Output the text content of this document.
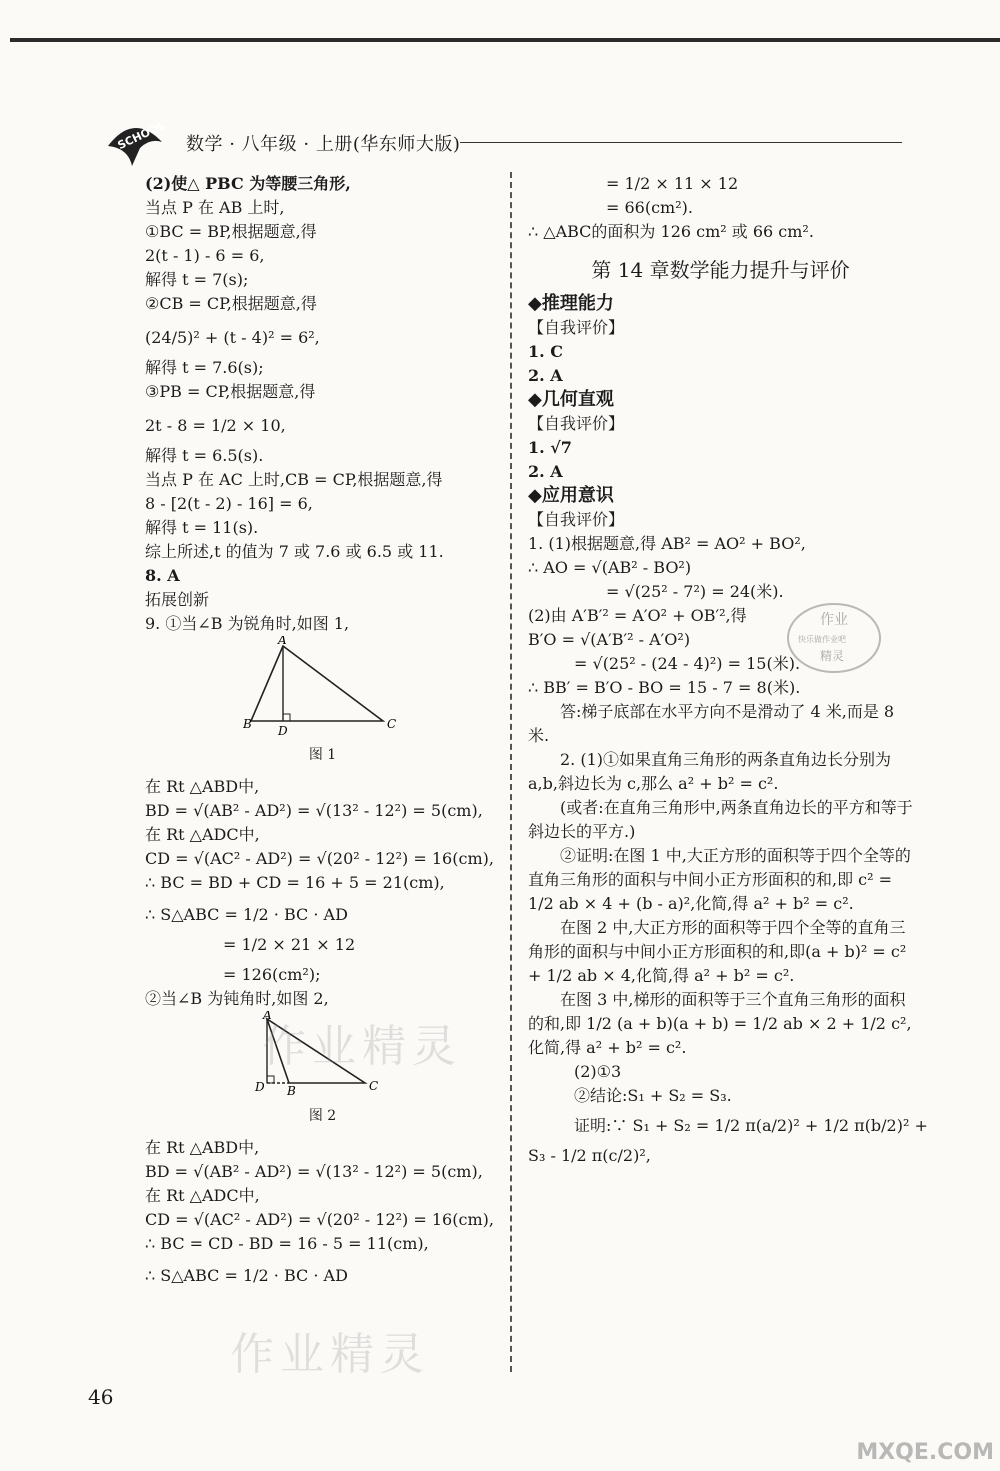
SCHOOL 数学 · 八年级 · 上册(华东师大版)
(2)使△ PBC 为等腰三角形,
当点 P 在 AB 上时,
①BC = BP,根据题意,得
2(t - 1) - 6 = 6,
解得 t = 7(s);
②CB = CP,根据题意,得
(24/5)² + (t - 4)² = 6²,
解得 t = 7.6(s);
③PB = CP,根据题意,得
2t - 8 = 1/2 × 10,
解得 t = 6.5(s).
当点 P 在 AC 上时,CB = CP,根据题意,得
8 - [2(t - 2) - 16] = 6,
解得 t = 11(s).
综上所述,t 的值为 7 或 7.6 或 6.5 或 11.
8. A
拓展创新
9. ①当∠B 为锐角时,如图 1,
A
B	C
D
图 1
在 Rt △ABD中,
BD = √(AB² - AD²) = √(13² - 12²) = 5(cm),
在 Rt △ADC中,
CD = √(AC² - AD²) = √(20² - 12²) = 16(cm),
∴ BC = BD + CD = 16 + 5 = 21(cm),
∴ S△ABC = 1/2 · BC · AD
= 1/2 × 21 × 12
= 126(cm²);
②当∠B 为钝角时,如图 2,
A
D B	C
图 2
在 Rt △ABD中,
BD = √(AB² - AD²) = √(13² - 12²) = 5(cm),
在 Rt △ADC中,
CD = √(AC² - AD²) = √(20² - 12²) = 16(cm),
∴ BC = CD - BD = 16 - 5 = 11(cm),
∴ S△ABC = 1/2 · BC · AD
= 1/2 × 11 × 12
= 66(cm²).
∴ △ABC的面积为 126 cm² 或 66 cm².
第 14 章数学能力提升与评价
◆推理能力
【自我评价】
1. C
2. A
◆几何直观
【自我评价】
1. √7
2. A
◆应用意识
【自我评价】
1. (1)根据题意,得 AB² = AO² + BO²,
∴ AO = √(AB² - BO²)
= √(25² - 7²) = 24(米).
(2)由 A′B′² = A′O² + OB′²,得
B′O = √(A′B′² - A′O²)
= √(25² - (24 - 4)²) = 15(米).
∴ BB′ = B′O - BO = 15 - 7 = 8(米).
答:梯子底部在水平方向不是滑动了 4 米,而是 8 米.
2. (1)①如果直角三角形的两条直角边长分别为 a,b,斜边长为 c,那么 a² + b² = c².
(或者:在直角三角形中,两条直角边长的平方和等于斜边长的平方.)
②证明:在图 1 中,大正方形的面积等于四个全等的直角三角形的面积与中间小正方形面积的和,即 c² = 1/2 ab × 4 + (b - a)²,化简,得 a² + b² = c².
在图 2 中,大正方形的面积等于四个全等的直角三角形的面积与中间小正方形面积的和,即(a + b)² = c² + 1/2 ab × 4,化简,得 a² + b² = c².
在图 3 中,梯形的面积等于三个直角三角形的面积的和,即 1/2 (a + b)(a + b) = 1/2 ab × 2 + 1/2 c²,化简,得 a² + b² = c².
(2)①3
②结论:S₁ + S₂ = S₃.
证明:∵ S₁ + S₂ = 1/2 π(a/2)² + 1/2 π(b/2)² +
S₃ - 1/2 π(c/2)²,
作业
快乐做作业吧
精灵
作业精灵
作业精灵
46
MXQE.COM
